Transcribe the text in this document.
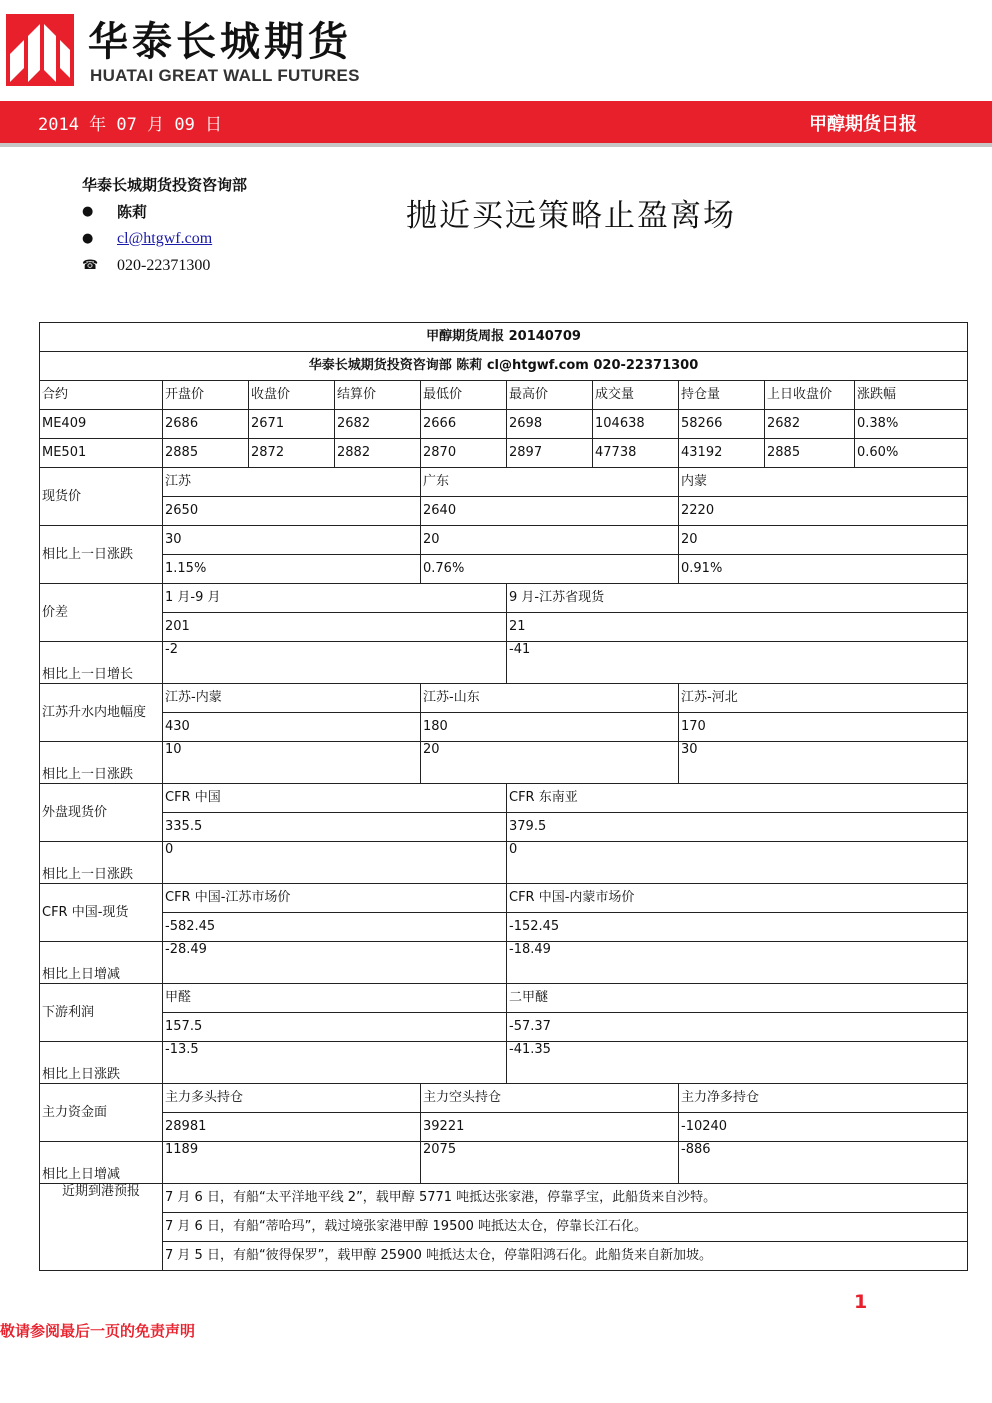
华泰长城期货
HUATAI GREAT WALL FUTURES
2014 年 07 月 09 日	甲醇期货日报
华泰长城期货投资咨询部
●	陈莉
●	cl@htgwf.com
☎	020-22371300
抛近买远策略止盈离场
甲醇期货周报 20140709									
华泰长城期货投资咨询部 陈莉 cl@htgwf.com 020-22371300									
合约	开盘价	收盘价	结算价	最低价	最高价	成交量	持仓量	上日收盘价	涨跌幅
ME409	2686	2671	2682	2666	2698	104638	58266	2682	0.38%
ME501	2885	2872	2882	2870	2897	47738	43192	2885	0.60%
现货价	江苏			广东			内蒙		
	2650			2640			2220		
相比上一日涨跌	30			20			20		
	1.15%			0.76%			0.91%		
价差	1 月-9 月				9 月-江苏省现货				
	201				21				
相比上一日增长	-2				-41				
江苏升水内地幅度	江苏-内蒙			江苏-山东			江苏-河北		
	430			180			170		
相比上一日涨跌	10			20			30		
外盘现货价	CFR 中国				CFR 东南亚				
	335.5				379.5				
相比上一日涨跌	0				0				
CFR 中国-现货	CFR 中国-江苏市场价				CFR 中国-内蒙市场价				
	-582.45				-152.45				
相比上日增减	-28.49				-18.49				
下游利润	甲醛				二甲醚				
	157.5				-57.37				
相比上日涨跌	-13.5				-41.35				
主力资金面	主力多头持仓			主力空头持仓			主力净多持仓		
	28981			39221			-10240		
相比上日增减	1189			2075			-886		
近期到港预报	7 月 6 日，有船“太平洋地平线 2”，载甲醇 5771 吨抵达张家港，停靠孚宝，此船货来自沙特。								
	7 月 6 日，有船“蒂哈玛”，载过境张家港甲醇 19500 吨抵达太仓，停靠长江石化。								
	7 月 5 日，有船“彼得保罗”，载甲醇 25900 吨抵达太仓，停靠阳鸿石化。此船货来自新加坡。								
1
敬请参阅最后一页的免责声明
